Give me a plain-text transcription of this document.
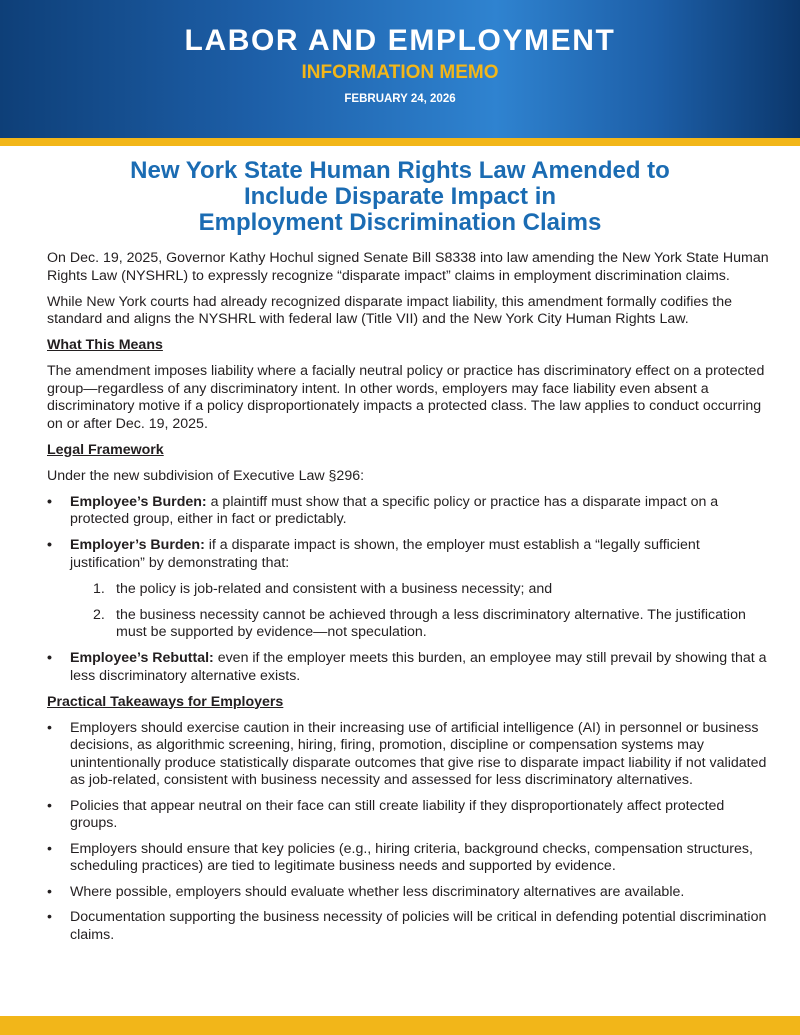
LABOR AND EMPLOYMENT
INFORMATION MEMO
FEBRUARY 24, 2026
New York State Human Rights Law Amended to
Include Disparate Impact in
Employment Discrimination Claims

On Dec. 19, 2025, Governor Kathy Hochul signed Senate Bill S8338 into law amending the New York State Human Rights Law (NYSHRL) to expressly recognize “disparate impact” claims in employment discrimination claims.

While New York courts had already recognized disparate impact liability, this amendment formally codifies the standard and aligns the NYSHRL with federal law (Title VII) and the New York City Human Rights Law.

What This Means

The amendment imposes liability where a facially neutral policy or practice has discriminatory effect on a protected group—regardless of any discriminatory intent. In other words, employers may face liability even absent a discriminatory motive if a policy disproportionately impacts a protected class. The law applies to conduct occurring on or after Dec. 19, 2025.

Legal Framework

Under the new subdivision of Executive Law §296:

•	Employee’s Burden: a plaintiff must show that a specific policy or practice has a disparate impact on a protected group, either in fact or predictably.
•	Employer’s Burden: if a disparate impact is shown, the employer must establish a “legally sufficient justification” by demonstrating that:
1. the policy is job-related and consistent with a business necessity; and
2. the business necessity cannot be achieved through a less discriminatory alternative. The justification must be supported by evidence—not speculation.
•	Employee’s Rebuttal: even if the employer meets this burden, an employee may still prevail by showing that a less discriminatory alternative exists.
Practical Takeaways for Employers
•	Employers should exercise caution in their increasing use of artificial intelligence (AI) in personnel or business decisions, as algorithmic screening, hiring, firing, promotion, discipline or compensation systems may unintentionally produce statistically disparate outcomes that give rise to disparate impact liability if not validated as job-related, consistent with business necessity and assessed for less discriminatory alternatives.
•	Policies that appear neutral on their face can still create liability if they disproportionately affect protected groups.
•	Employers should ensure that key policies (e.g., hiring criteria, background checks, compensation structures, scheduling practices) are tied to legitimate business needs and supported by evidence.
•	Where possible, employers should evaluate whether less discriminatory alternatives are available.
•	Documentation supporting the business necessity of policies will be critical in defending potential discrimination claims.
